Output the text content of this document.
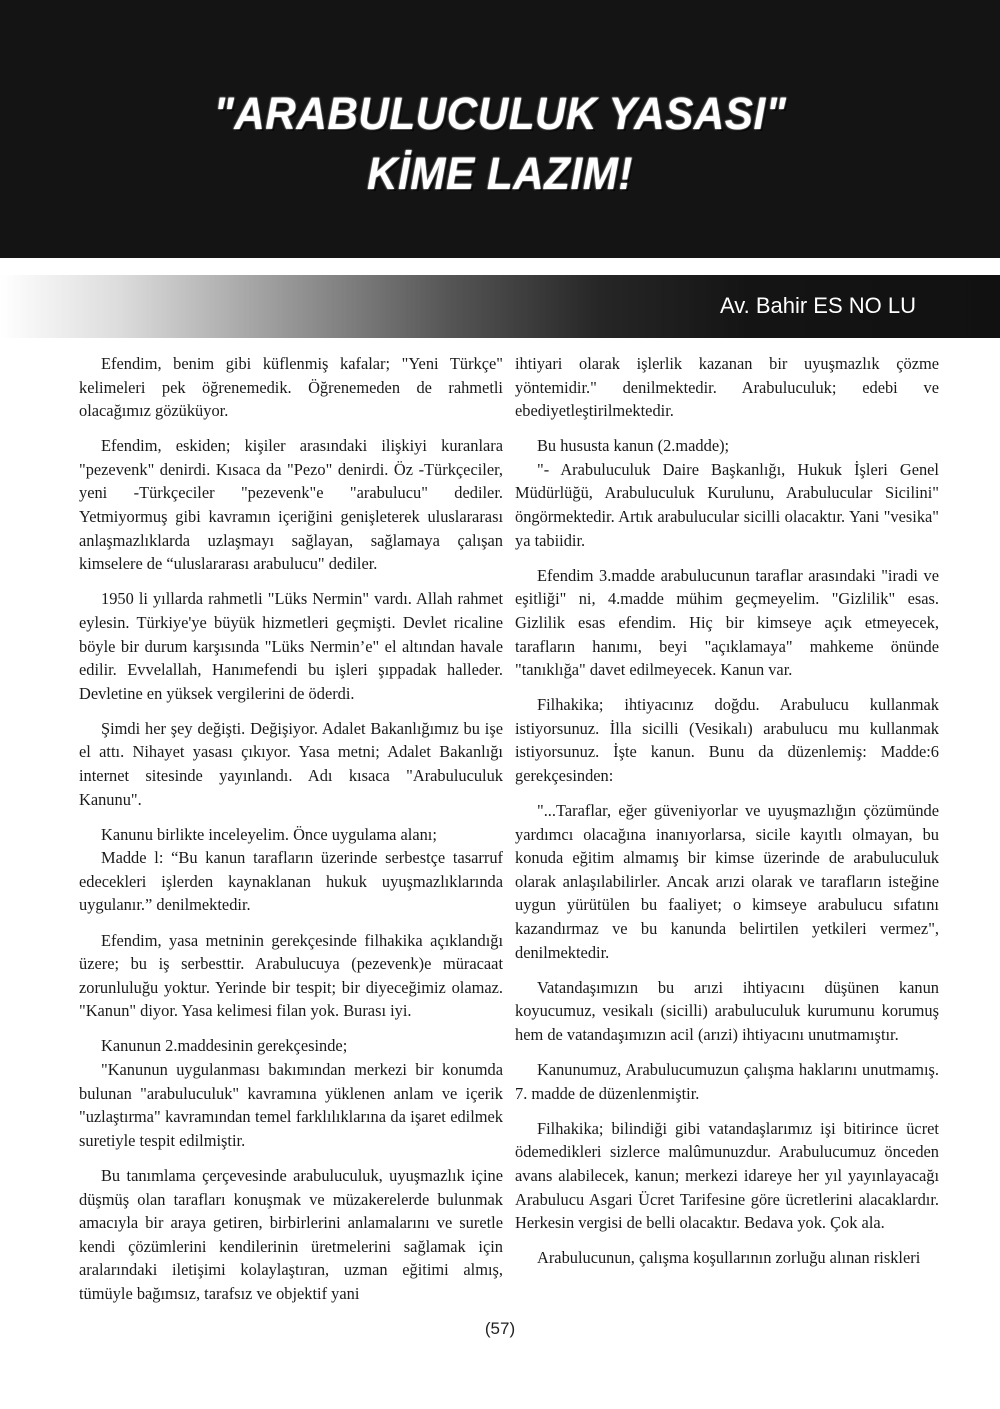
"ARABULUCULUK YASASI"
KİME LAZIM!
Av. Bahir ES NO LU

Efendim, benim gibi küflenmiş kafalar; "Yeni Türkçe" kelimeleri pek öğrenemedik. Öğrenemeden de rahmetli olacağımız gözüküyor.

Efendim, eskiden; kişiler arasındaki ilişkiyi kuranlara "pezevenk" denirdi. Kısaca da "Pezo" denirdi. Öz -Türkçeciler, yeni -Türkçeciler "pezevenk"e "arabulucu" dediler. Yetmiyormuş gibi kavramın içeriğini genişleterek uluslararası anlaşmazlıklarda uzlaşmayı sağlayan, sağlamaya çalışan kimselere de “uluslararası arabulucu" dediler.

1950 li yıllarda rahmetli "Lüks Nermin" vardı. Allah rahmet eylesin. Türkiye'ye büyük hizmetleri geçmişti. Devlet ricaline böyle bir durum karşısında "Lüks Nermin’e" el altından havale edilir. Evvelallah, Hanımefendi bu işleri şıppadak halleder. Devletine en yüksek vergilerini de öderdi.

Şimdi her şey değişti. Değişiyor. Adalet Bakanlığımız bu işe el attı. Nihayet yasası çıkıyor. Yasa metni; Adalet Bakanlığı internet sitesinde yayınlandı. Adı kısaca "Arabuluculuk Kanunu".

Kanunu birlikte inceleyelim. Önce uygulama alanı;

Madde l: “Bu kanun tarafların üzerinde serbestçe tasarruf edecekleri işlerden kaynaklanan hukuk uyuşmazlıklarında uygulanır.” denilmektedir.

Efendim, yasa metninin gerekçesinde filhakika açıklandığı üzere; bu iş serbesttir. Arabulucuya (pezevenk)e müracaat zorunluluğu yoktur. Yerinde bir tespit; bir diyeceğimiz olamaz. "Kanun" diyor. Yasa kelimesi filan yok. Burası iyi.

Kanunun 2.maddesinin gerekçesinde;

"Kanunun uygulanması bakımından merkezi bir konumda bulunan "arabuluculuk" kavramına yüklenen anlam ve içerik "uzlaştırma" kavramından temel farklılıklarına da işaret edilmek suretiyle tespit edilmiştir.

Bu tanımlama çerçevesinde arabuluculuk, uyuşmazlık içine düşmüş olan tarafları konuşmak ve müzakerelerde bulunmak amacıyla bir araya getiren, birbirlerini anlamalarını ve suretle kendi çözümlerini kendilerinin üretmelerini sağlamak için aralarındaki iletişimi kolaylaştıran, uzman eğitimi almış, tümüyle bağımsız, tarafsız ve objektif yani

ihtiyari olarak işlerlik kazanan bir uyuşmazlık çözme yöntemidir." denilmektedir. Arabuluculuk; edebi ve ebediyetleştirilmektedir.

Bu hususta kanun (2.madde);

"- Arabuluculuk Daire Başkanlığı, Hukuk İşleri Genel Müdürlüğü, Arabuluculuk Kurulunu, Arabulucular Sicilini" öngörmektedir. Artık arabulucular sicilli olacaktır. Yani "vesika" ya tabiidir.

Efendim 3.madde arabulucunun taraflar arasındaki "iradi ve eşitliği" ni, 4.madde mühim geçmeyelim. "Gizlilik" esas. Gizlilik esas efendim. Hiç bir kimseye açık etmeyecek, tarafların hanımı, beyi "açıklamaya" mahkeme önünde "tanıklığa" davet edilmeyecek. Kanun var.

Filhakika; ihtiyacınız doğdu. Arabulucu kullanmak istiyorsunuz. İlla sicilli (Vesikalı) arabulucu mu kullanmak istiyorsunuz. İşte kanun. Bunu da düzenlemiş: Madde:6 gerekçesinden:

"...Taraflar, eğer güveniyorlar ve uyuşmazlığın çözümünde yardımcı olacağına inanıyorlarsa, sicile kayıtlı olmayan, bu konuda eğitim almamış bir kimse üzerinde de arabuluculuk olarak anlaşılabilirler. Ancak arızi olarak ve tarafların isteğine uygun yürütülen bu faaliyet; o kimseye arabulucu sıfatını kazandırmaz ve bu kanunda belirtilen yetkileri vermez", denilmektedir.

Vatandaşımızın bu arızi ihtiyacını düşünen kanun koyucumuz, vesikalı (sicilli) arabuluculuk kurumunu korumuş hem de vatandaşımızın acil (arızi) ihtiyacını unutmamıştır.

Kanunumuz, Arabulucumuzun çalışma haklarını unutmamış. 7. madde de düzenlenmiştir.

Filhakika; bilindiği gibi vatandaşlarımız işi bitirince ücret ödemedikleri sizlerce malûmunuzdur. Arabulucumuz önceden avans alabilecek, kanun; merkezi idareye her yıl yayınlayacağı Arabulucu Asgari Ücret Tarifesine göre ücretlerini alacaklardır. Herkesin vergisi de belli olacaktır. Bedava yok. Çok ala.

Arabulucunun, çalışma koşullarının zorluğu alınan riskleri

(57)
